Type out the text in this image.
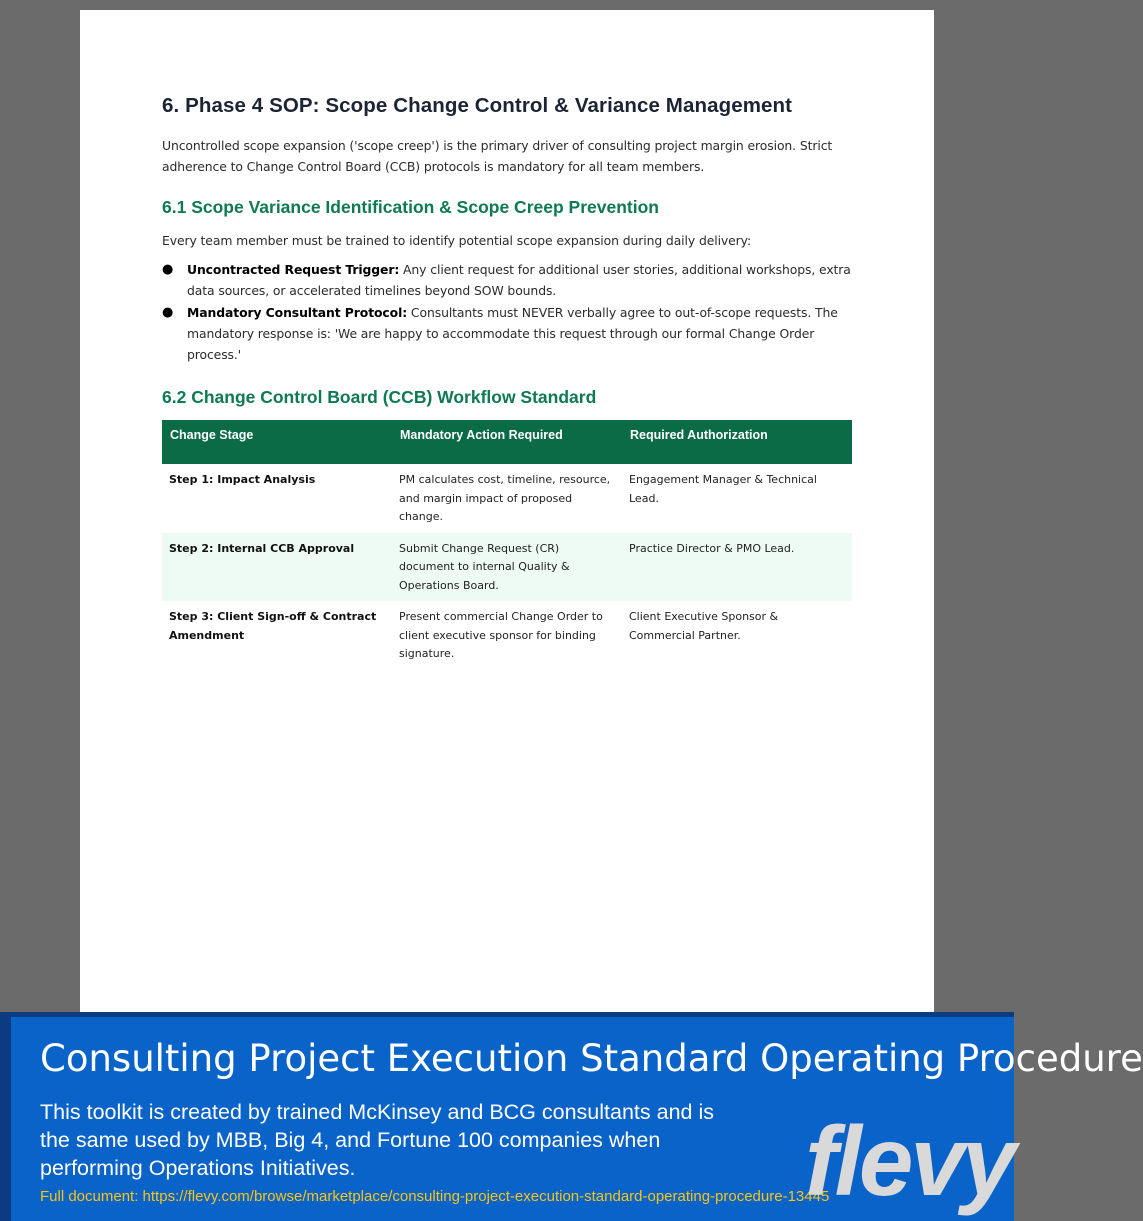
6. Phase 4 SOP: Scope Change Control & Variance Management

Uncontrolled scope expansion ('scope creep') is the primary driver of consulting project margin erosion. Strict adherence to Change Control Board (CCB) protocols is mandatory for all team members.

6.1 Scope Variance Identification & Scope Creep Prevention

Every team member must be trained to identify potential scope expansion during daily delivery:

● Uncontracted Request Trigger: Any client request for additional user stories, additional workshops, extra data sources, or accelerated timelines beyond SOW bounds.
● Mandatory Consultant Protocol: Consultants must NEVER verbally agree to out-of-scope requests. The mandatory response is: 'We are happy to accommodate this request through our formal Change Order process.'
6.2 Change Control Board (CCB) Workflow Standard
Change Stage	Mandatory Action Required	Required Authorization
Step 1: Impact Analysis	PM calculates cost, timeline, resource, and margin impact of proposed change.	Engagement Manager & Technical Lead.
Step 2: Internal CCB Approval	Submit Change Request (CR) document to internal Quality & Operations Board.	Practice Director & PMO Lead.
Step 3: Client Sign-off & Contract Amendment	Present commercial Change Order to client executive sponsor for binding signature.	Client Executive Sponsor & Commercial Partner.
Consulting Project Execution Standard Operating Procedure
This toolkit is created by trained McKinsey and BCG consultants and is the same used by MBB, Big 4, and Fortune 100 companies when performing Operations Initiatives.
Full document: https://flevy.com/browse/marketplace/consulting-project-execution-standard-operating-procedure-13445
flevy
